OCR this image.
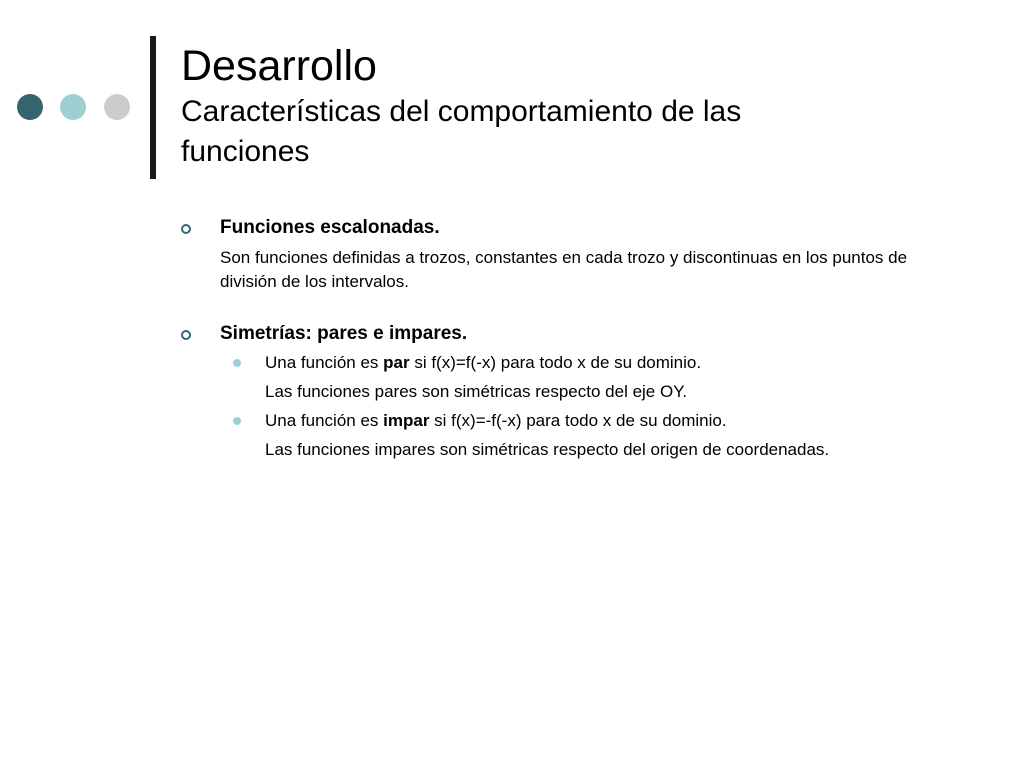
Desarrollo
Características del comportamiento de las funciones
Funciones escalonadas.
Son funciones definidas a trozos, constantes en cada trozo y discontinuas en los puntos de división de los intervalos.
Simetrías: pares e impares.
Una función es par si f(x)=f(-x) para todo x de su dominio.
Las funciones pares son simétricas respecto del eje OY.
Una función es impar si f(x)=-f(-x) para todo x de su dominio.
Las funciones impares son simétricas respecto del origen de coordenadas.
